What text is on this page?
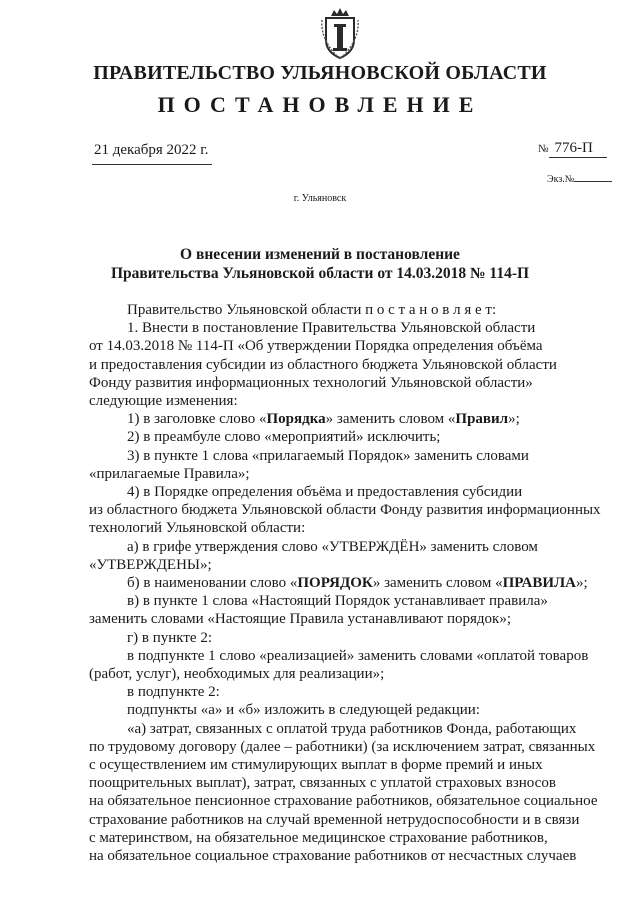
ПРАВИТЕЛЬСТВО УЛЬЯНОВСКОЙ ОБЛАСТИ
ПОСТАНОВЛЕНИЕ
21 декабря 2022 г.	№ 776-П
Экз.№
г. Ульяновск
О внесении изменений в постановление
Правительства Ульяновской области от 14.03.2018 № 114-П

Правительство Ульяновской области п о с т а н о в л я е т:

1. Внести в постановление Правительства Ульяновской области

от 14.03.2018 № 114-П «Об утверждении Порядка определения объёма

и предоставления субсидии из областного бюджета Ульяновской области

Фонду развития информационных технологий Ульяновской области»

следующие изменения:

1) в заголовке слово «Порядка» заменить словом «Правил»;

2) в преамбуле слово «мероприятий» исключить;

3) в пункте 1 слова «прилагаемый Порядок» заменить словами

«прилагаемые Правила»;

4) в Порядке определения объёма и предоставления субсидии

из областного бюджета Ульяновской области Фонду развития информационных

технологий Ульяновской области:

а) в грифе утверждения слово «УТВЕРЖДЁН» заменить словом

«УТВЕРЖДЕНЫ»;

б) в наименовании слово «ПОРЯДОК» заменить словом «ПРАВИЛА»;

в) в пункте 1 слова «Настоящий Порядок устанавливает правила»

заменить словами «Настоящие Правила устанавливают порядок»;

г) в пункте 2:

в подпункте 1 слово «реализацией» заменить словами «оплатой товаров

(работ, услуг), необходимых для реализации»;

в подпункте 2:

подпункты «а» и «б» изложить в следующей редакции:

«а) затрат, связанных с оплатой труда работников Фонда, работающих

по трудовому договору (далее – работники) (за исключением затрат, связанных

с осуществлением им стимулирующих выплат в форме премий и иных

поощрительных выплат), затрат, связанных с уплатой страховых взносов

на обязательное пенсионное страхование работников, обязательное социальное

страхование работников на случай временной нетрудоспособности и в связи

с материнством, на обязательное медицинское страхование работников,

на обязательное социальное страхование работников от несчастных случаев
